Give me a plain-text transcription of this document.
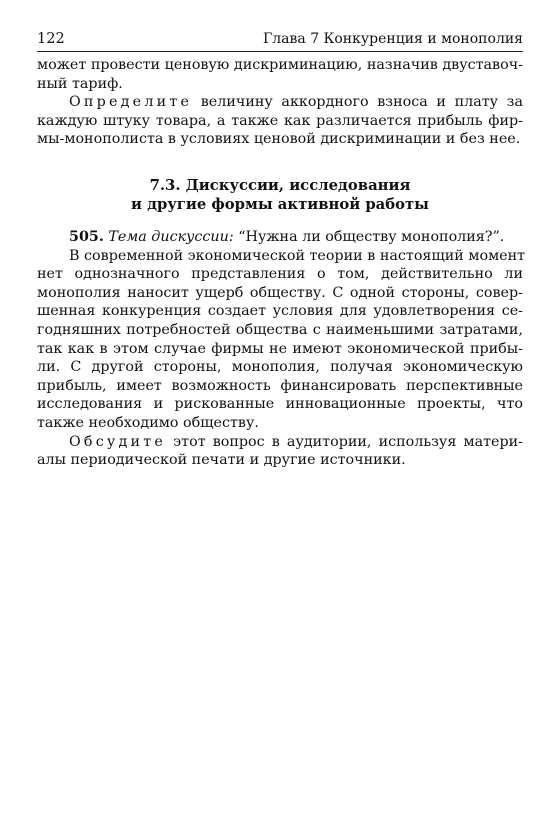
122	Глава 7 Конкуренция и монополия
может провести ценовую дискриминацию, назначив двуставоч-
ный тариф.
Определите величину аккордного взноса и плату за
каждую штуку товара, а также как различается прибыль фир-
мы-монополиста в условиях ценовой дискриминации и без нее.
7.3. Дискуссии, исследования
и другие формы активной работы
505. Тема дискуссии: “Нужна ли обществу монополия?”.
В современной экономической теории в настоящий момент
нет однозначного представления о том, действительно ли
монополия наносит ущерб обществу. С одной стороны, совер-
шенная конкуренция создает условия для удовлетворения се-
годняшних потребностей общества с наименьшими затратами,
так как в этом случае фирмы не имеют экономической прибы-
ли. С другой стороны, монополия, получая экономическую
прибыль, имеет возможность финансировать перспективные
исследования и рискованные инновационные проекты, что
также необходимо обществу.
Обсудите этот вопрос в аудитории, используя матери-
алы периодической печати и другие источники.
